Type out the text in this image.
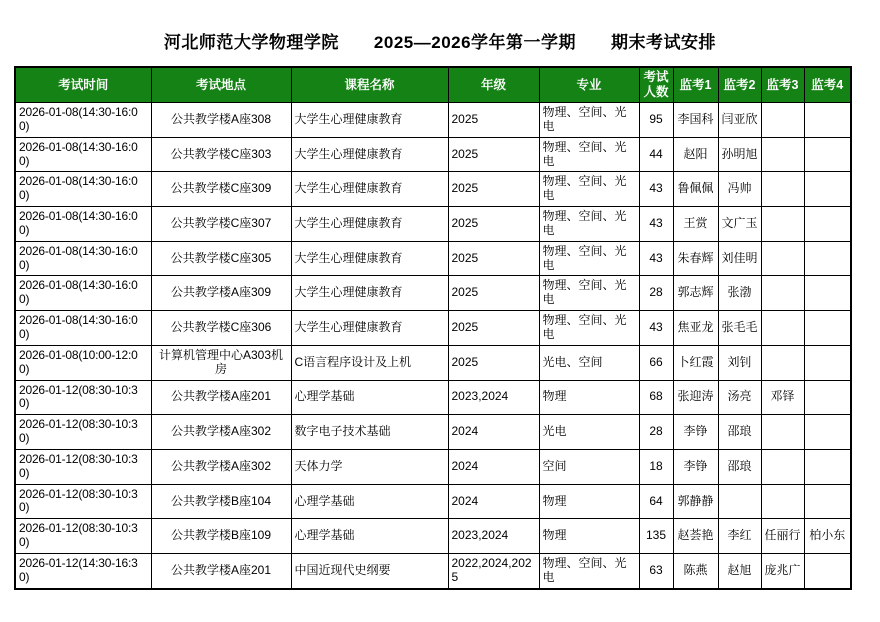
河北师范大学物理学院　　2025—2026学年第一学期　　期末考试安排
考试时间	考试地点	课程名称	年级	专业	考试人数	监考1	监考2	监考3	监考4
2026-01-08(14:30-16:00)	公共教学楼A座308	大学生心理健康教育	2025	物理、空间、光电	95	李国科	闫亚欣		
2026-01-08(14:30-16:00)	公共教学楼C座303	大学生心理健康教育	2025	物理、空间、光电	44	赵阳	孙明旭		
2026-01-08(14:30-16:00)	公共教学楼C座309	大学生心理健康教育	2025	物理、空间、光电	43	鲁佩佩	冯帅		
2026-01-08(14:30-16:00)	公共教学楼C座307	大学生心理健康教育	2025	物理、空间、光电	43	王赏	文广玉		
2026-01-08(14:30-16:00)	公共教学楼C座305	大学生心理健康教育	2025	物理、空间、光电	43	朱春辉	刘佳明		
2026-01-08(14:30-16:00)	公共教学楼A座309	大学生心理健康教育	2025	物理、空间、光电	28	郭志辉	张渤		
2026-01-08(14:30-16:00)	公共教学楼C座306	大学生心理健康教育	2025	物理、空间、光电	43	焦亚龙	张毛毛		
2026-01-08(10:00-12:00)	计算机管理中心A303机房	C语言程序设计及上机	2025	光电、空间	66	卜红霞	刘钊		
2026-01-12(08:30-10:30)	公共教学楼A座201	心理学基础	2023,2024	物理	68	张迎涛	汤亮	邓铎	
2026-01-12(08:30-10:30)	公共教学楼A座302	数字电子技术基础	2024	光电	28	李铮	邵琅		
2026-01-12(08:30-10:30)	公共教学楼A座302	天体力学	2024	空间	18	李铮	邵琅		
2026-01-12(08:30-10:30)	公共教学楼B座104	心理学基础	2024	物理	64	郭静静			
2026-01-12(08:30-10:30)	公共教学楼B座109	心理学基础	2023,2024	物理	135	赵荟艳	李红	任丽行	柏小东
2026-01-12(14:30-16:30)	公共教学楼A座201	中国近现代史纲要	2022,2024,2025	物理、空间、光电	63	陈燕	赵旭	庞兆广	
